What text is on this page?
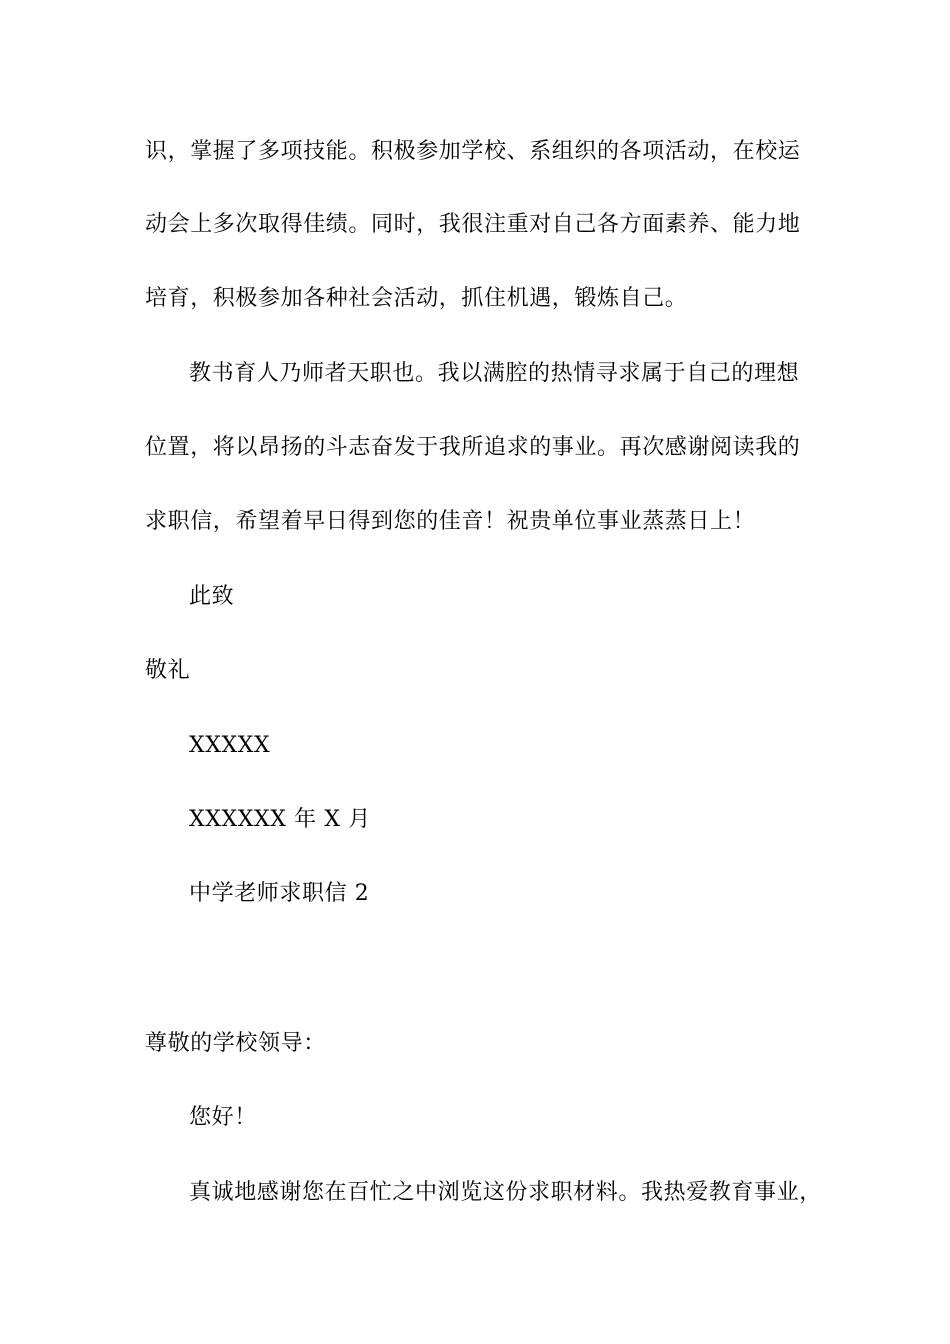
识，掌握了多项技能。积极参加学校、系组织的各项活动，在校运
动会上多次取得佳绩。同时，我很注重对自己各方面素养、能力地
培育，积极参加各种社会活动，抓住机遇，锻炼自己。
教书育人乃师者天职也。我以满腔的热情寻求属于自己的理想
位置，将以昂扬的斗志奋发于我所追求的事业。再次感谢阅读我的
求职信，希望着早日得到您的佳音！祝贵单位事业蒸蒸日上！
此致
敬礼
XXXXX
XXXXXX 年 X 月
中学老师求职信 2
尊敬的学校领导：
您好！
真诚地感谢您在百忙之中浏览这份求职材料。我热爱教育事业，
